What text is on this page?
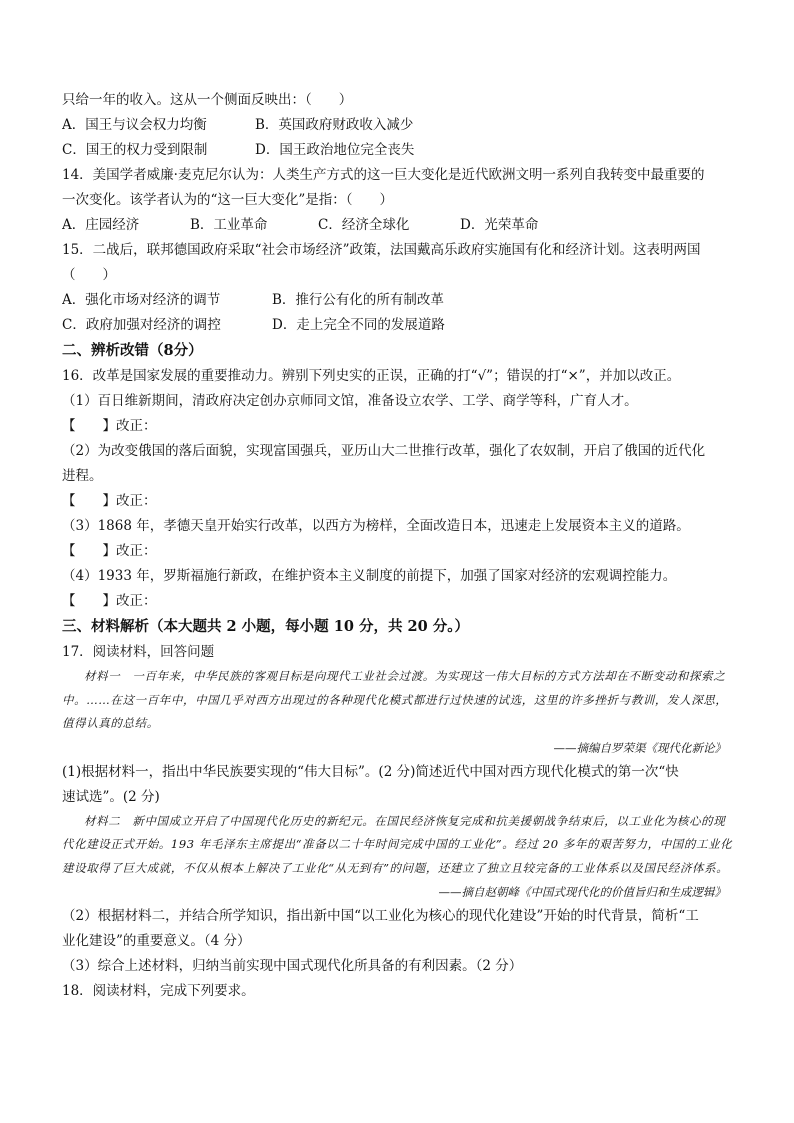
只给一年的收入。这从一个侧面反映出：（　　）
A．国王与议会权力均衡	B．英国政府财政收入减少
C．国王的权力受到限制	D．国王政治地位完全丧失
14．美国学者威廉·麦克尼尔认为：人类生产方式的这一巨大变化是近代欧洲文明一系列自我转变中最重要的
一次变化。该学者认为的“这一巨大变化”是指：（　　）
A．庄园经济	B．工业革命	C．经济全球化	D．光荣革命
15．二战后，联邦德国政府采取“社会市场经济”政策，法国戴高乐政府实施国有化和经济计划。这表明两国
（　　）
A．强化市场对经济的调节	B．推行公有化的所有制改革
C．政府加强对经济的调控	D．走上完全不同的发展道路
二、辨析改错（8分）
16．改革是国家发展的重要推动力。辨别下列史实的正误，正确的打“√”；错误的打“×”，并加以改正。
（1）百日维新期间，清政府决定创办京师同文馆，准备设立农学、工学、商学等科，广育人才。
【　　】改正：
（2）为改变俄国的落后面貌，实现富国强兵，亚历山大二世推行改革，强化了农奴制，开启了俄国的近代化
进程。
【　　】改正：
（3）1868 年，孝德天皇开始实行改革，以西方为榜样，全面改造日本，迅速走上发展资本主义的道路。
【　　】改正：
（4）1933 年，罗斯福施行新政，在维护资本主义制度的前提下，加强了国家对经济的宏观调控能力。
【　　】改正：
三、材料解析（本大题共 2 小题，每小题 10 分，共 20 分。）
17．阅读材料，回答问题
材料一　一百年来，中华民族的客观目标是向现代工业社会过渡。为实现这一伟大目标的方式方法却在不断变动和探索之中。……在这一百年中，中国几乎对西方出现过的各种现代化模式都进行过快速的试选，这里的许多挫折与教训，发人深思，值得认真的总结。
——摘编自罗荣渠《现代化新论》
(1)根据材料一，指出中华民族要实现的“伟大目标”。(2 分)简述近代中国对西方现代化模式的第一次“快
速试选”。(2 分)
材料二　新中国成立开启了中国现代化历史的新纪元。在国民经济恢复完成和抗美援朝战争结束后，以工业化为核心的现代化建设正式开始。193 年毛泽东主席提出“准备以二十年时间完成中国的工业化”。经过 20 多年的艰苦努力，中国的工业化建设取得了巨大成就，不仅从根本上解决了工业化“从无到有”的问题，还建立了独立且较完备的工业体系以及国民经济体系。
——摘自赵朝峰《中国式现代化的价值旨归和生成逻辑》
（2）根据材料二，并结合所学知识，指出新中国“以工业化为核心的现代化建设”开始的时代背景，简析“工
业化建设”的重要意义。（4 分）
（3）综合上述材料，归纳当前实现中国式现代化所具备的有利因素。（2 分）
18．阅读材料，完成下列要求。
